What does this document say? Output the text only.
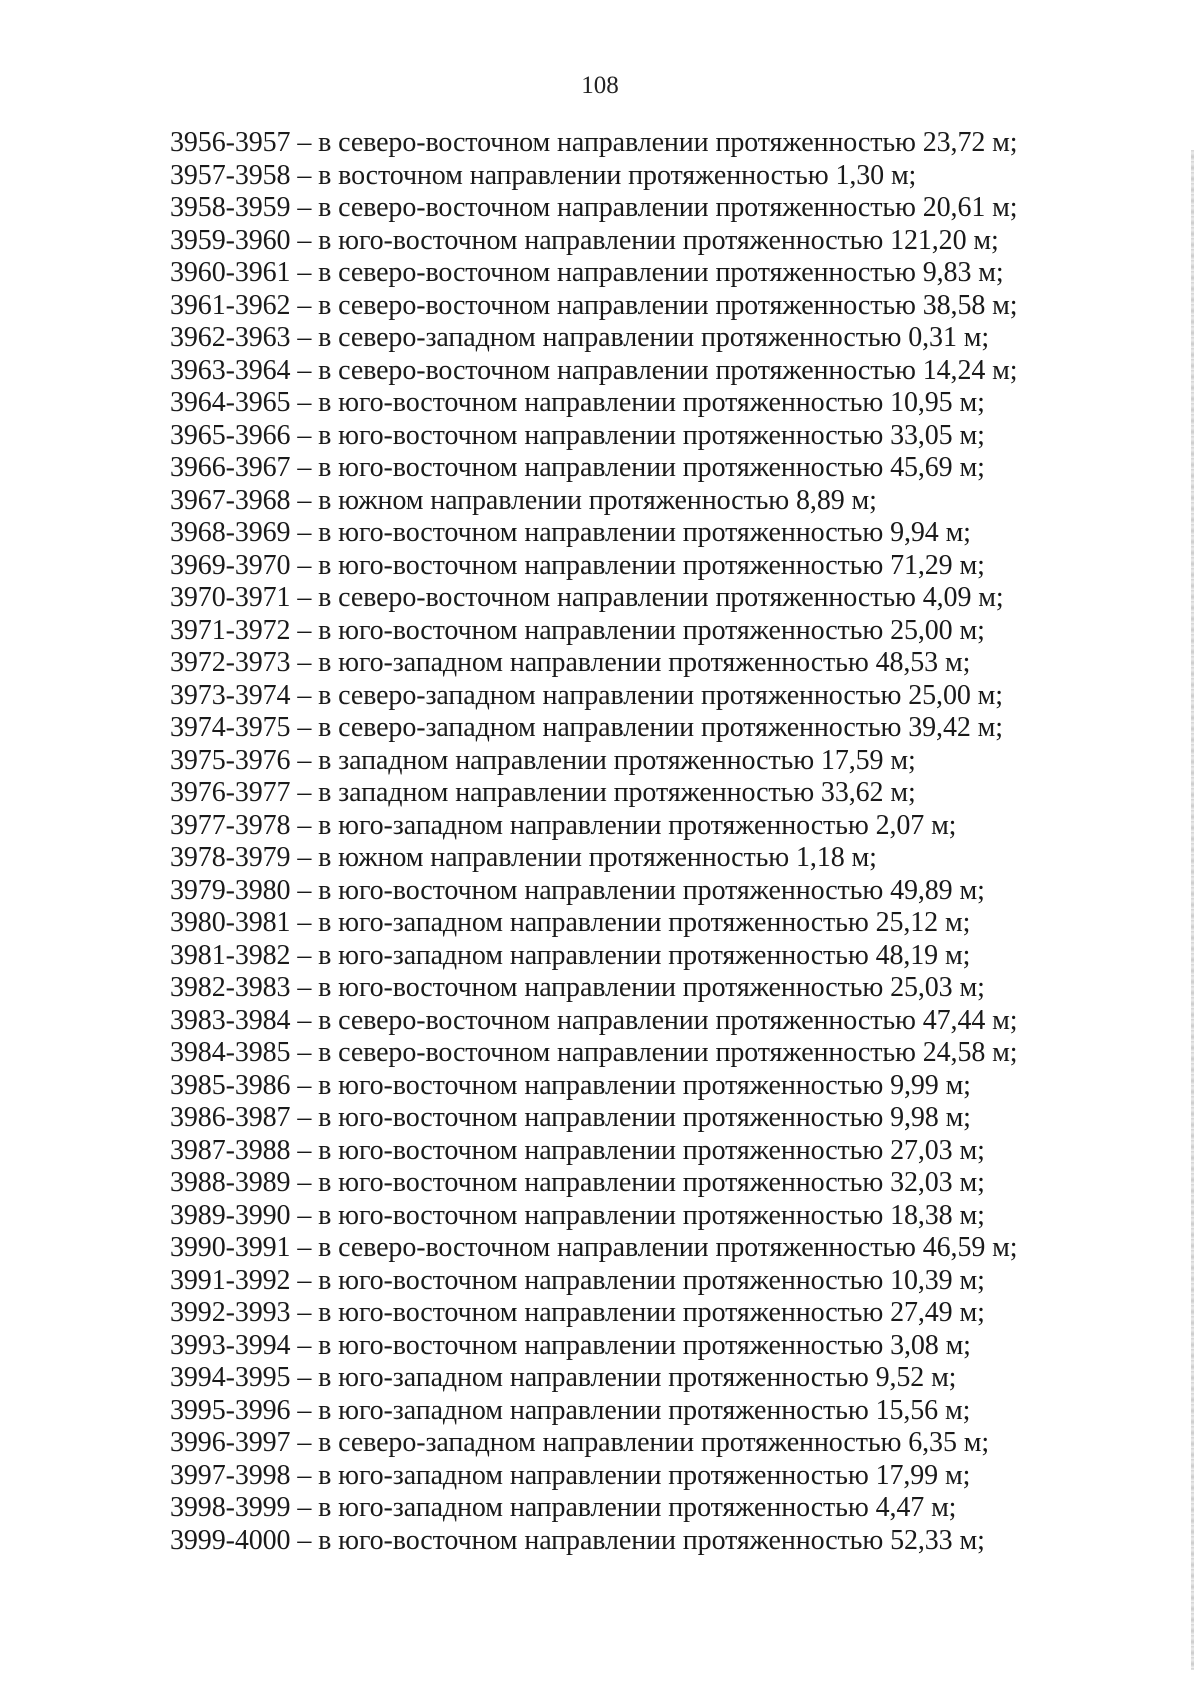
108
3956-3957 – в северо-восточном направлении протяженностью 23,72 м;
3957-3958 – в восточном направлении протяженностью 1,30 м;
3958-3959 – в северо-восточном направлении протяженностью 20,61 м;
3959-3960 – в юго-восточном направлении протяженностью 121,20 м;
3960-3961 – в северо-восточном направлении протяженностью 9,83 м;
3961-3962 – в северо-восточном направлении протяженностью 38,58 м;
3962-3963 – в северо-западном направлении протяженностью 0,31 м;
3963-3964 – в северо-восточном направлении протяженностью 14,24 м;
3964-3965 – в юго-восточном направлении протяженностью 10,95 м;
3965-3966 – в юго-восточном направлении протяженностью 33,05 м;
3966-3967 – в юго-восточном направлении протяженностью 45,69 м;
3967-3968 – в южном направлении протяженностью 8,89 м;
3968-3969 – в юго-восточном направлении протяженностью 9,94 м;
3969-3970 – в юго-восточном направлении протяженностью 71,29 м;
3970-3971 – в северо-восточном направлении протяженностью 4,09 м;
3971-3972 – в юго-восточном направлении протяженностью 25,00 м;
3972-3973 – в юго-западном направлении протяженностью 48,53 м;
3973-3974 – в северо-западном направлении протяженностью 25,00 м;
3974-3975 – в северо-западном направлении протяженностью 39,42 м;
3975-3976 – в западном направлении протяженностью 17,59 м;
3976-3977 – в западном направлении протяженностью 33,62 м;
3977-3978 – в юго-западном направлении протяженностью 2,07 м;
3978-3979 – в южном направлении протяженностью 1,18 м;
3979-3980 – в юго-восточном направлении протяженностью 49,89 м;
3980-3981 – в юго-западном направлении протяженностью 25,12 м;
3981-3982 – в юго-западном направлении протяженностью 48,19 м;
3982-3983 – в юго-восточном направлении протяженностью 25,03 м;
3983-3984 – в северо-восточном направлении протяженностью 47,44 м;
3984-3985 – в северо-восточном направлении протяженностью 24,58 м;
3985-3986 – в юго-восточном направлении протяженностью 9,99 м;
3986-3987 – в юго-восточном направлении протяженностью 9,98 м;
3987-3988 – в юго-восточном направлении протяженностью 27,03 м;
3988-3989 – в юго-восточном направлении протяженностью 32,03 м;
3989-3990 – в юго-восточном направлении протяженностью 18,38 м;
3990-3991 – в северо-восточном направлении протяженностью 46,59 м;
3991-3992 – в юго-восточном направлении протяженностью 10,39 м;
3992-3993 – в юго-восточном направлении протяженностью 27,49 м;
3993-3994 – в юго-восточном направлении протяженностью 3,08 м;
3994-3995 – в юго-западном направлении протяженностью 9,52 м;
3995-3996 – в юго-западном направлении протяженностью 15,56 м;
3996-3997 – в северо-западном направлении протяженностью 6,35 м;
3997-3998 – в юго-западном направлении протяженностью 17,99 м;
3998-3999 – в юго-западном направлении протяженностью 4,47 м;
3999-4000 – в юго-восточном направлении протяженностью 52,33 м;
